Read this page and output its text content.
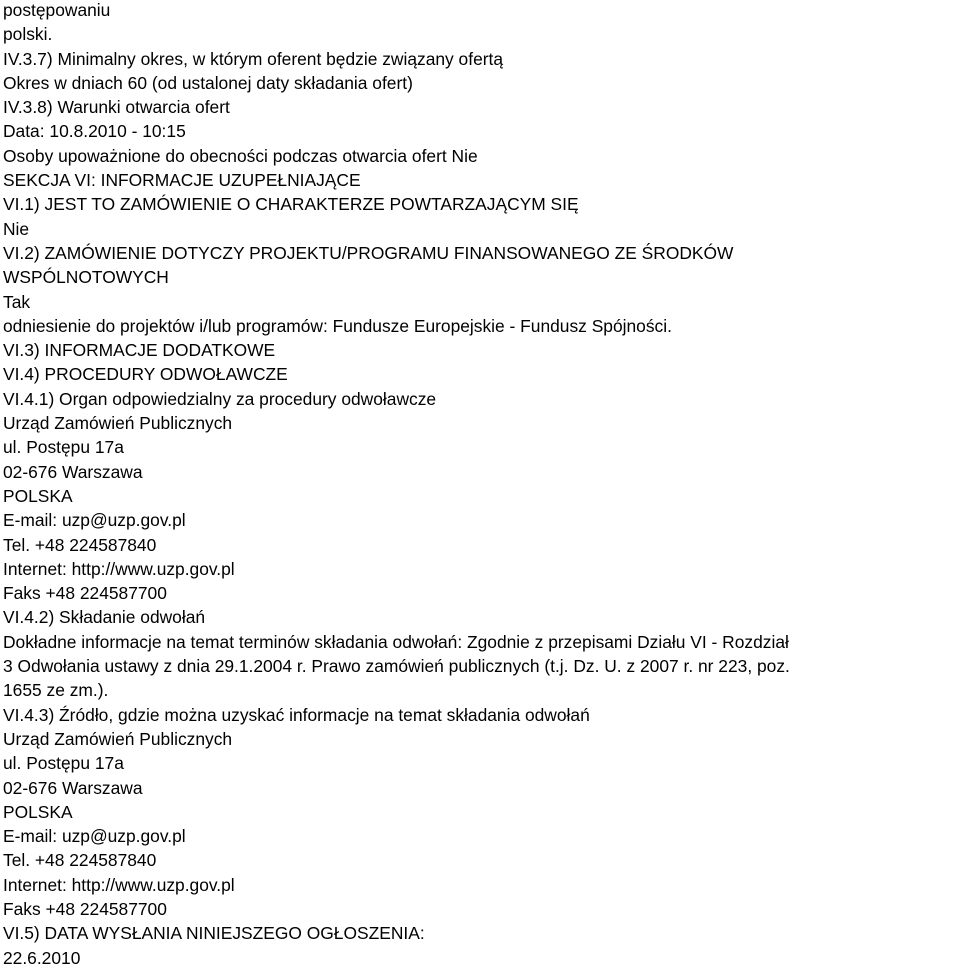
postępowaniu
polski.
IV.3.7) Minimalny okres, w którym oferent będzie związany ofertą
Okres w dniach 60 (od ustalonej daty składania ofert)
IV.3.8) Warunki otwarcia ofert
Data: 10.8.2010 - 10:15
Osoby upoważnione do obecności podczas otwarcia ofert Nie
SEKCJA VI: INFORMACJE UZUPEŁNIAJĄCE
VI.1) JEST TO ZAMÓWIENIE O CHARAKTERZE POWTARZAJĄCYM SIĘ
Nie
VI.2) ZAMÓWIENIE DOTYCZY PROJEKTU/PROGRAMU FINANSOWANEGO ZE ŚRODKÓW
WSPÓLNOTOWYCH
Tak
odniesienie do projektów i/lub programów: Fundusze Europejskie - Fundusz Spójności.
VI.3) INFORMACJE DODATKOWE
VI.4) PROCEDURY ODWOŁAWCZE
VI.4.1) Organ odpowiedzialny za procedury odwoławcze
Urząd Zamówień Publicznych
ul. Postępu 17a
02-676 Warszawa
POLSKA
E-mail: uzp@uzp.gov.pl
Tel. +48 224587840
Internet: http://www.uzp.gov.pl
Faks +48 224587700
VI.4.2) Składanie odwołań
Dokładne informacje na temat terminów składania odwołań: Zgodnie z przepisami Działu VI - Rozdział
3 Odwołania ustawy z dnia 29.1.2004 r. Prawo zamówień publicznych (t.j. Dz. U. z 2007 r. nr 223, poz.
1655 ze zm.).
VI.4.3) Źródło, gdzie można uzyskać informacje na temat składania odwołań
Urząd Zamówień Publicznych
ul. Postępu 17a
02-676 Warszawa
POLSKA
E-mail: uzp@uzp.gov.pl
Tel. +48 224587840
Internet: http://www.uzp.gov.pl
Faks +48 224587700
VI.5) DATA WYSŁANIA NINIEJSZEGO OGŁOSZENIA:
22.6.2010
